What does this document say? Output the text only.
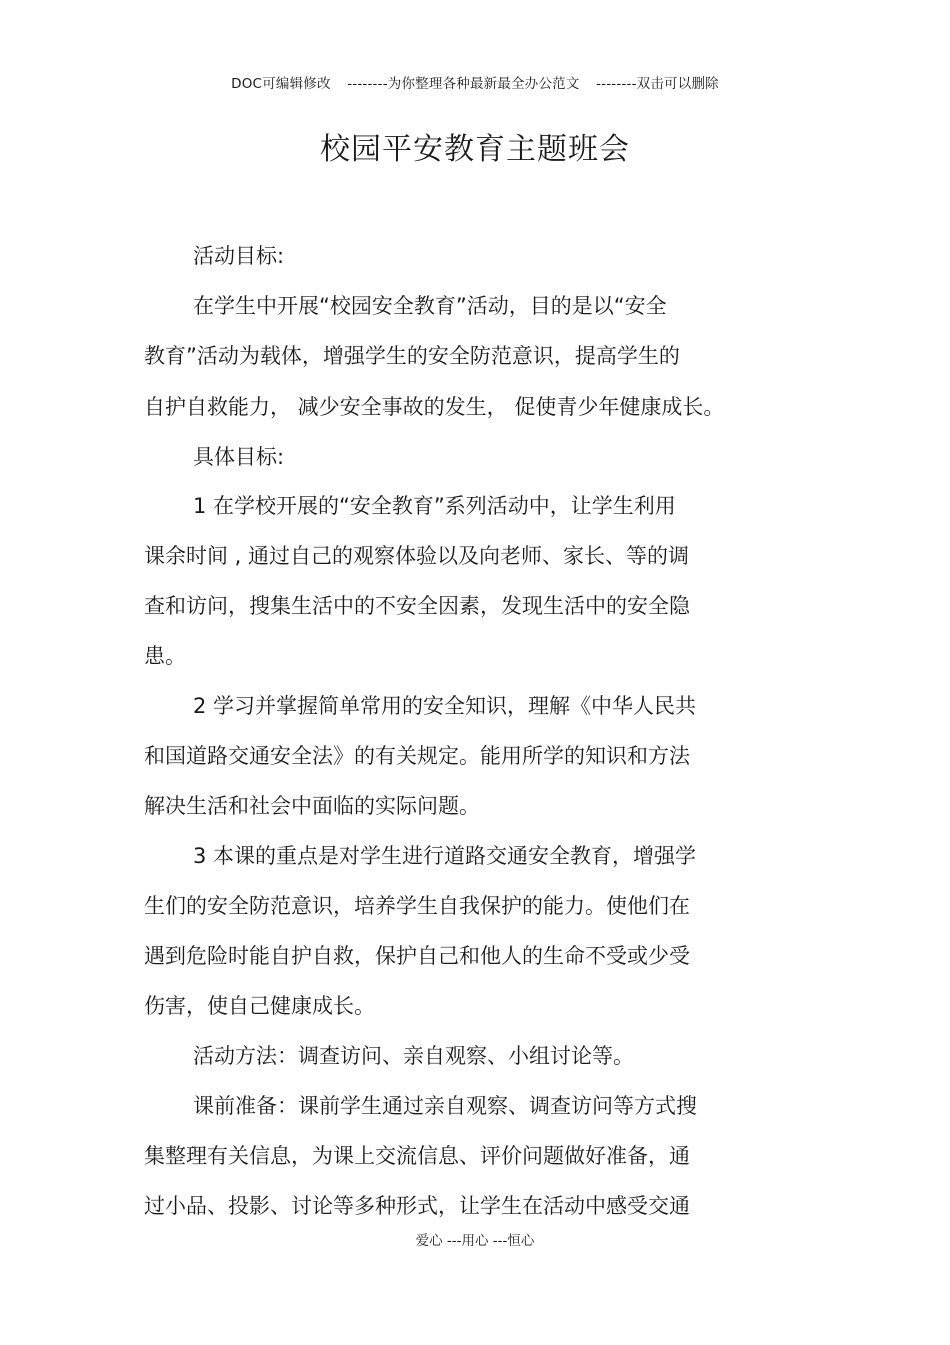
DOC可编辑修改 --------为你整理各种最新最全办公范文 --------双击可以删除
校园平安教育主题班会
活动目标:
在学生中开展“校园安全教育”活动，目的是以“安全
教育”活动为载体，增强学生的安全防范意识，提高学生的
自护自救能力， 减少安全事故的发生， 促使青少年健康成长。
具体目标:
1 在学校开展的“安全教育”系列活动中，让学生利用
课余时间 , 通过自己的观察体验以及向老师、家长、等的调
查和访问，搜集生活中的不安全因素，发现生活中的安全隐
患。
2 学习并掌握简单常用的安全知识，理解《中华人民共
和国道路交通安全法》的有关规定。能用所学的知识和方法
解决生活和社会中面临的实际问题。
3 本课的重点是对学生进行道路交通安全教育，增强学
生们的安全防范意识，培养学生自我保护的能力。使他们在
遇到危险时能自护自救，保护自己和他人的生命不受或少受
伤害，使自己健康成长。
活动方法：调查访问、亲自观察、小组讨论等。
课前准备：课前学生通过亲自观察、调查访问等方式搜
集整理有关信息，为课上交流信息、评价问题做好准备，通
过小品、投影、讨论等多种形式，让学生在活动中感受交通
爱心 ---用心 ---恒心
